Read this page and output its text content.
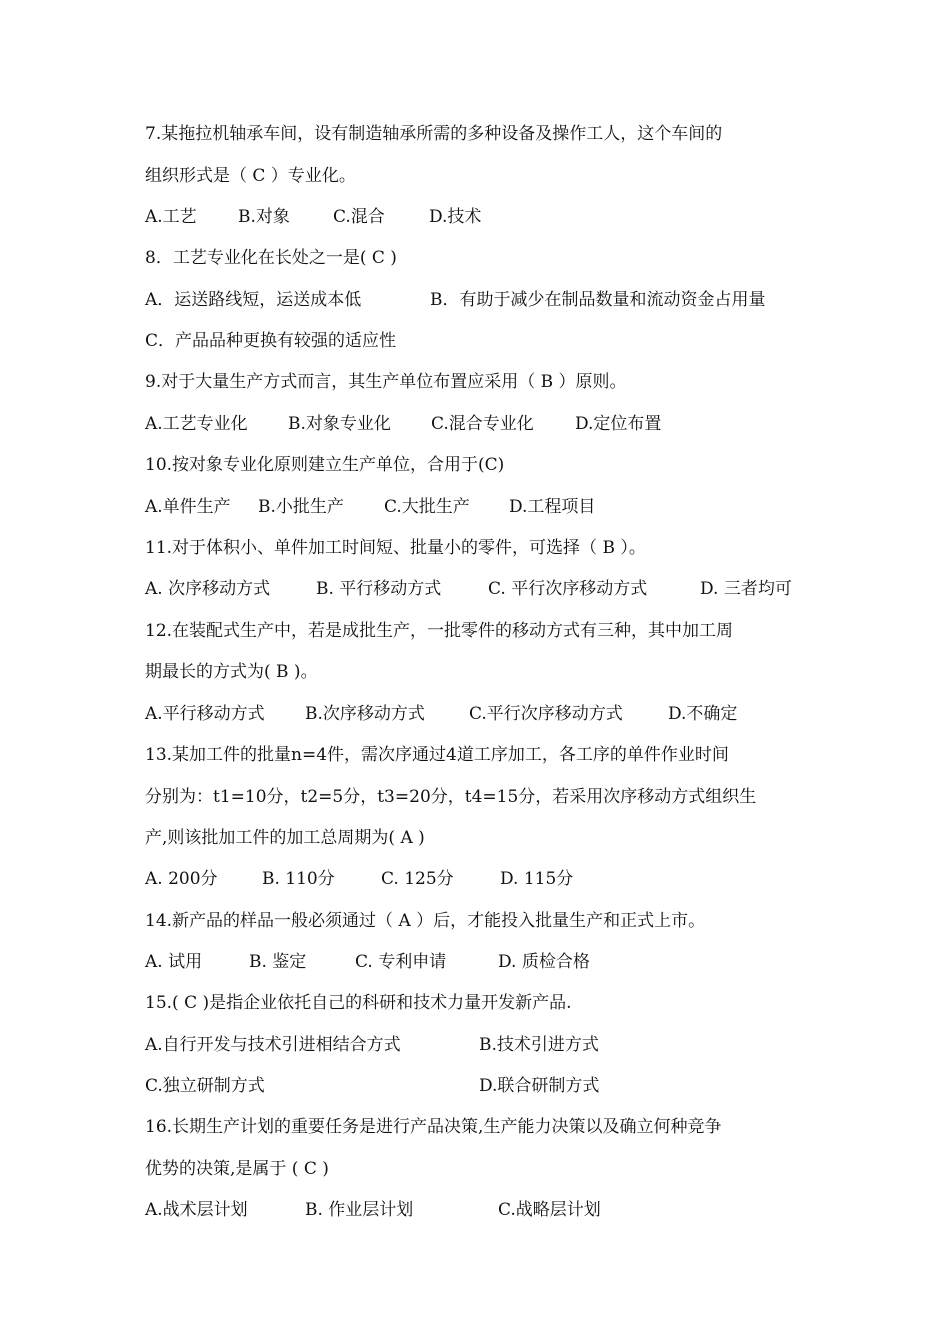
7.某拖拉机轴承车间，设有制造轴承所需的多种设备及操作工人，这个车间的
组织形式是（ C ）专业化。
A.工艺 B.对象	C.混合	D.技术
8．工艺专业化在长处之一是( C )
A．运送路线短，运送成本低	B．有助于减少在制品数量和流动资金占用量
C．产品品种更换有较强的适应性
9.对于大量生产方式而言，其生产单位布置应采用（ B ）原则。
A.工艺专业化 B.对象专业化 C.混合专业化 D.定位布置
10.按对象专业化原则建立生产单位，合用于(C)
A.单件生产 B.小批生产 C.大批生产 D.工程项目
11.对于体积小、单件加工时间短、批量小的零件，可选择（ B ）。
A. 次序移动方式	B. 平行移动方式	C. 平行次序移动方式	D. 三者均可
12.在装配式生产中，若是成批生产，一批零件的移动方式有三种，其中加工周
期最长的方式为( B )。
A.平行移动方式 B.次序移动方式	C.平行次序移动方式	D.不确定
13.某加工件的批量n=4件，需次序通过4道工序加工，各工序的单件作业时间
分别为：t1=10分，t2=5分，t3=20分，t4=15分，若采用次序移动方式组织生
产,则该批加工件的加工总周期为( A )
A. 200分	B. 110分	C. 125分	D. 115分
14.新产品的样品一般必须通过（ A ）后，才能投入批量生产和正式上市。
A. 试用	B. 鉴定	C. 专利申请	D. 质检合格
15.( C )是指企业依托自己的科研和技术力量开发新产品.
A.自行开发与技术引进相结合方式	B.技术引进方式
C.独立研制方式	D.联合研制方式
16.长期生产计划的重要任务是进行产品决策,生产能力决策以及确立何种竞争
优势的决策,是属于 ( C )
A.战术层计划	B. 作业层计划	C.战略层计划
